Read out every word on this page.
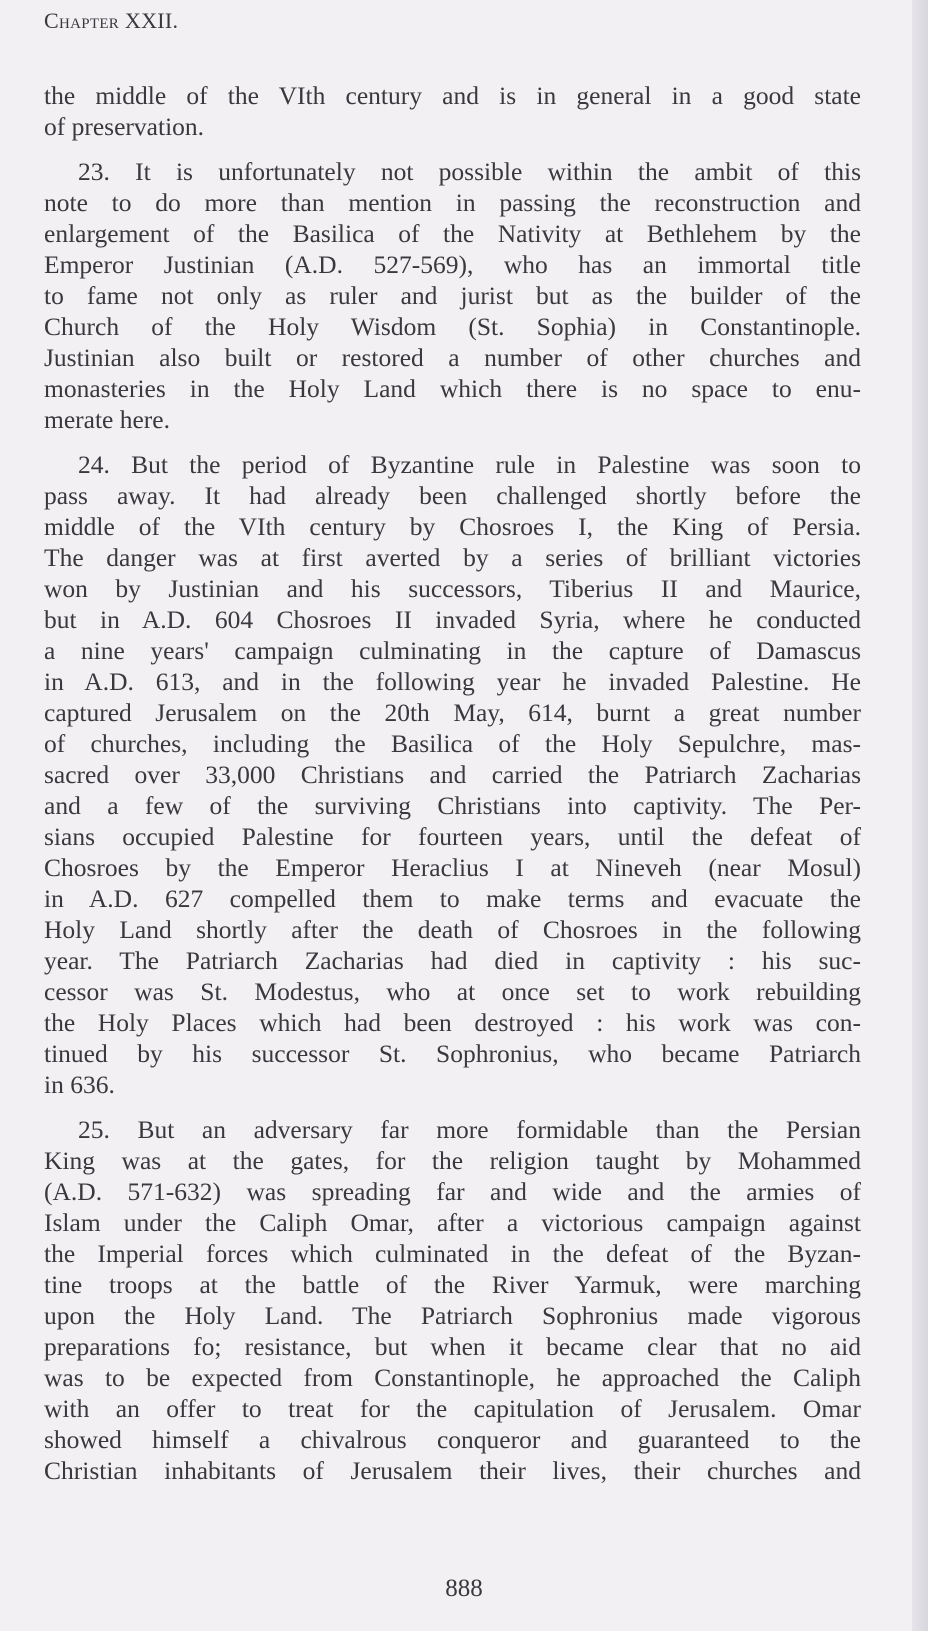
Chapter XXII.
the middle of the VIth century and is in general in a good state
of preservation.
23. It is unfortunately not possible within the ambit of this
note to do more than mention in passing the reconstruction and
enlargement of the Basilica of the Nativity at Bethlehem by the
Emperor Justinian (A.D. 527-569), who has an immortal title
to fame not only as ruler and jurist but as the builder of the
Church of the Holy Wisdom (St. Sophia) in Constantinople.
Justinian also built or restored a number of other churches and
monasteries in the Holy Land which there is no space to enu-
merate here.
24. But the period of Byzantine rule in Palestine was soon to
pass away. It had already been challenged shortly before the
middle of the VIth century by Chosroes I, the King of Persia.
The danger was at first averted by a series of brilliant victories
won by Justinian and his successors, Tiberius II and Maurice,
but in A.D. 604 Chosroes II invaded Syria, where he conducted
a nine years' campaign culminating in the capture of Damascus
in A.D. 613, and in the following year he invaded Palestine. He
captured Jerusalem on the 20th May, 614, burnt a great number
of churches, including the Basilica of the Holy Sepulchre, mas-
sacred over 33,000 Christians and carried the Patriarch Zacharias
and a few of the surviving Christians into captivity. The Per-
sians occupied Palestine for fourteen years, until the defeat of
Chosroes by the Emperor Heraclius I at Nineveh (near Mosul)
in A.D. 627 compelled them to make terms and evacuate the
Holy Land shortly after the death of Chosroes in the following
year. The Patriarch Zacharias had died in captivity : his suc-
cessor was St. Modestus, who at once set to work rebuilding
the Holy Places which had been destroyed : his work was con-
tinued by his successor St. Sophronius, who became Patriarch
in 636.
25. But an adversary far more formidable than the Persian
King was at the gates, for the religion taught by Mohammed
(A.D. 571-632) was spreading far and wide and the armies of
Islam under the Caliph Omar, after a victorious campaign against
the Imperial forces which culminated in the defeat of the Byzan-
tine troops at the battle of the River Yarmuk, were marching
upon the Holy Land. The Patriarch Sophronius made vigorous
preparations fo; resistance, but when it became clear that no aid
was to be expected from Constantinople, he approached the Caliph
with an offer to treat for the capitulation of Jerusalem. Omar
showed himself a chivalrous conqueror and guaranteed to the
Christian inhabitants of Jerusalem their lives, their churches and
888
